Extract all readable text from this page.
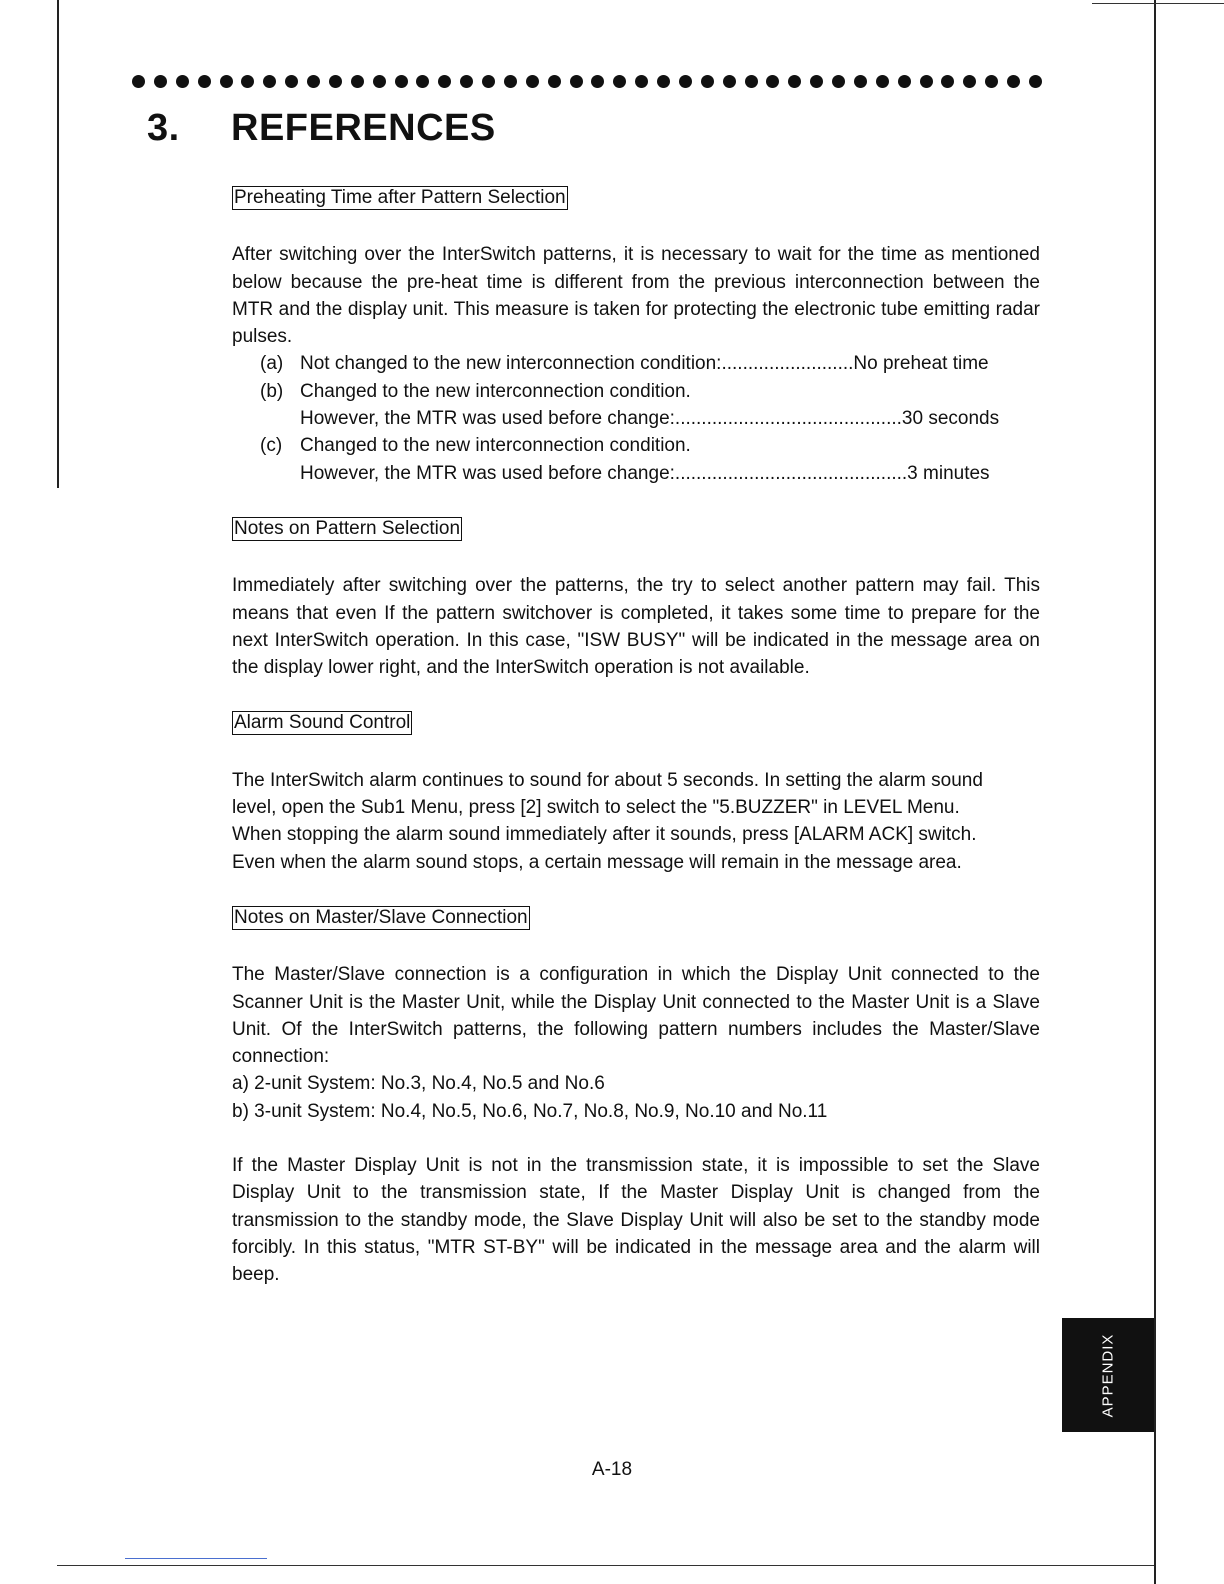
3. REFERENCES
Preheating Time after Pattern Selection

After switching over the InterSwitch patterns, it is necessary to wait for the time as mentioned below because the pre-heat time is different from the previous interconnection between the MTR and the display unit. This measure is taken for protecting the electronic tube emitting radar pulses.

(a) Not changed to the new interconnection condition:.........................No preheat time
(b) Changed to the new interconnection condition.
However, the MTR was used before change:...........................................30 seconds
(c) Changed to the new interconnection condition.
However, the MTR was used before change:............................................3 minutes
Notes on Pattern Selection

Immediately after switching over the patterns, the try to select another pattern may fail. This means that even If the pattern switchover is completed, it takes some time to prepare for the next InterSwitch operation. In this case, "ISW BUSY" will be indicated in the message area on the display lower right, and the InterSwitch operation is not available.

Alarm Sound Control
The InterSwitch alarm continues to sound for about 5 seconds. In setting the alarm sound
level, open the Sub1 Menu, press [2] switch to select the "5.BUZZER" in LEVEL Menu.
When stopping the alarm sound immediately after it sounds, press [ALARM ACK] switch.
Even when the alarm sound stops, a certain message will remain in the message area.
Notes on Master/Slave Connection

The Master/Slave connection is a configuration in which the Display Unit connected to the Scanner Unit is the Master Unit, while the Display Unit connected to the Master Unit is a Slave Unit. Of the InterSwitch patterns, the following pattern numbers includes the Master/Slave connection:

a) 2-unit System: No.3, No.4, No.5 and No.6
b) 3-unit System: No.4, No.5, No.6, No.7, No.8, No.9, No.10 and No.11

If the Master Display Unit is not in the transmission state, it is impossible to set the Slave Display Unit to the transmission state, If the Master Display Unit is changed from the transmission to the standby mode, the Slave Display Unit will also be set to the standby mode forcibly. In this status, "MTR ST-BY" will be indicated in the message area and the alarm will beep.

A-18
APPENDIX
